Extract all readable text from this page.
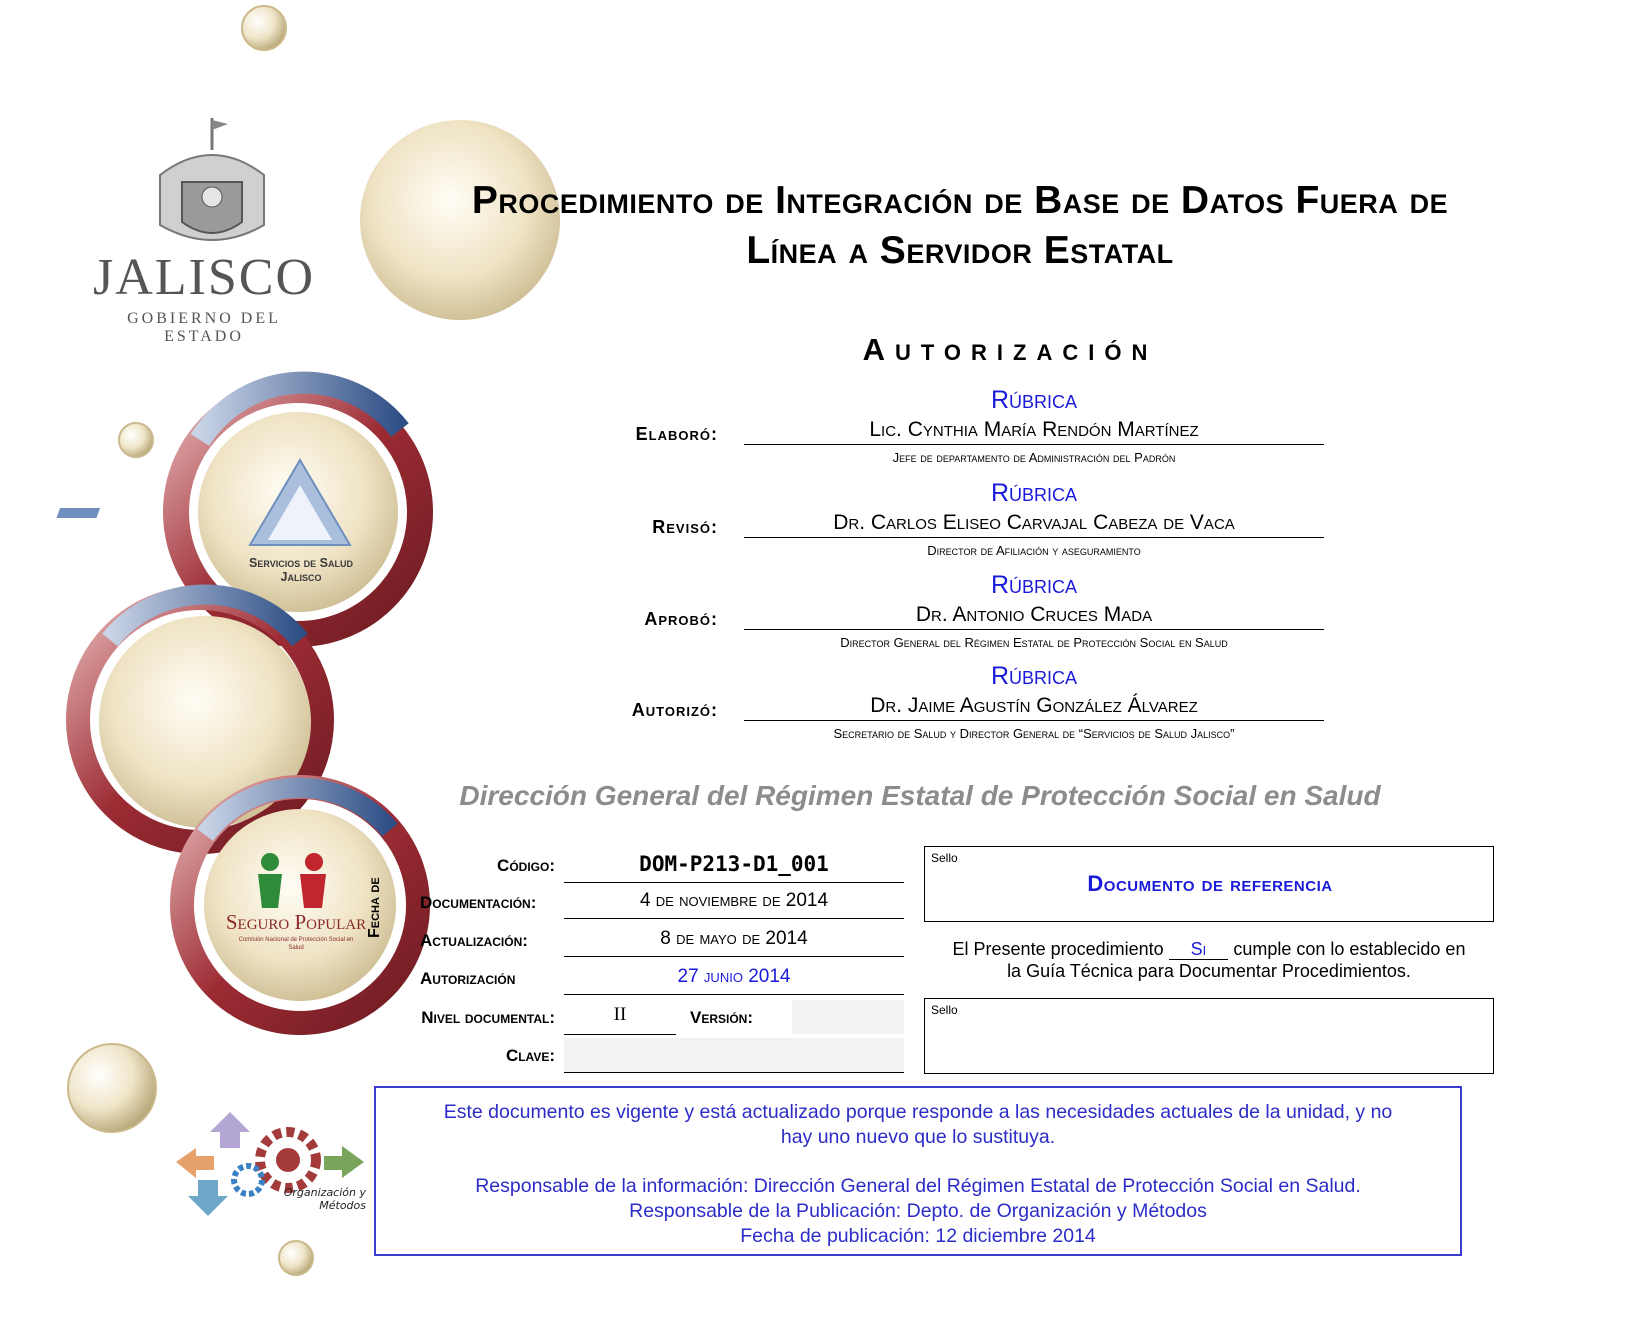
JALISCO
GOBIERNO DEL ESTADO
Servicios de Salud
Jalisco
Seguro Popular
Comisión Nacional de Protección Social en Salud
Organización y
Métodos
Procedimiento de Integración de Base de Datos Fuera de
Línea a Servidor Estatal
Autorización
Rúbrica
Elaboró:	Lic. Cynthia María Rendón Martínez
Jefe de departamento de Administración del Padrón
Rúbrica
Revisó:	Dr. Carlos Eliseo Carvajal Cabeza de Vaca
Director de Afiliación y aseguramiento
Rúbrica
Aprobó:	Dr. Antonio Cruces Mada
Director General del Régimen Estatal de Protección Social en Salud
Rúbrica
Autorizó:	Dr. Jaime Agustín González Álvarez
Secretario de Salud y Director General de “Servicios de Salud Jalisco”
Dirección General del Régimen Estatal de Protección Social en Salud
Código:	DOM-P213-D1_001
Fecha de	Documentación:	4 de noviembre de 2014
Actualización:	8 de mayo de 2014
Autorización	27 junio 2014
Nivel documental:	II	Versión:
Clave:
Sello
Documento de referencia
El Presente procedimiento Si cumple con lo establecido en
la Guía Técnica para Documentar Procedimientos.
Sello
Este documento es vigente y está actualizado porque responde a las necesidades actuales de la unidad, y no
hay uno nuevo que lo sustituya.
Responsable de la información: Dirección General del Régimen Estatal de Protección Social en Salud.
Responsable de la Publicación: Depto. de Organización y Métodos
Fecha de publicación: 12 diciembre 2014
